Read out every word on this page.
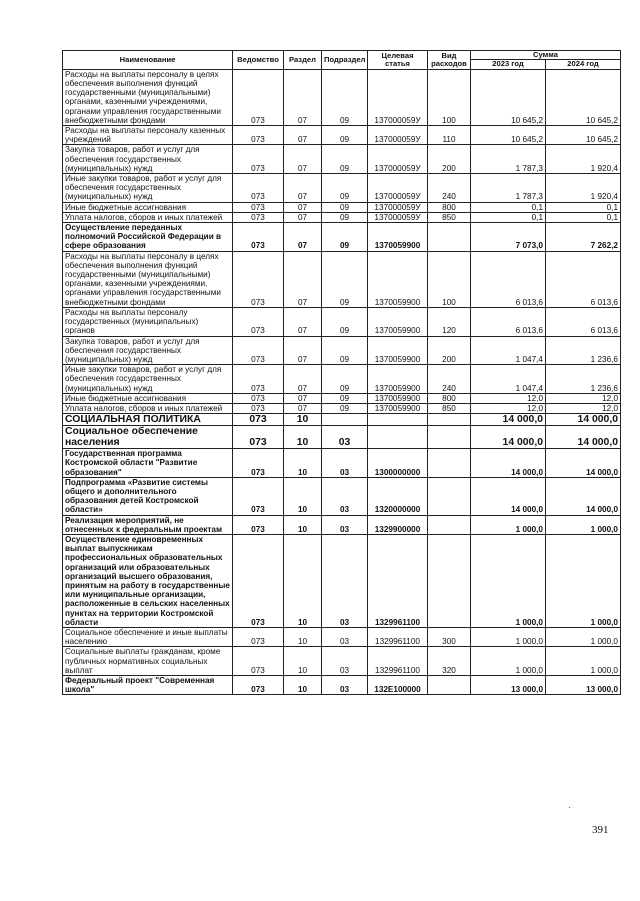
Наименование	Ведомство	Раздел	Подраздел	Целевая статья	Вид расходов	Сумма	
						2023 год	2024 год
Расходы на выплаты персоналу в целях обеспечения выполнения функций государственными (муниципальными) органами, казенными учреждениями, органами управления государственными внебюджетными фондами	073	07	09	137000059У	100	10 645,2	10 645,2
Расходы на выплаты персоналу казенных учреждений	073	07	09	137000059У	110	10 645,2	10 645,2
Закупка товаров, работ и услуг для обеспечения государственных (муниципальных) нужд	073	07	09	137000059У	200	1 787,3	1 920,4
Иные закупки товаров, работ и услуг для обеспечения государственных (муниципальных) нужд	073	07	09	137000059У	240	1 787,3	1 920,4
Иные бюджетные ассигнования	073	07	09	137000059У	800	0,1	0,1
Уплата налогов, сборов и иных платежей	073	07	09	137000059У	850	0,1	0,1
Осуществление переданных полномочий Российской Федерации в сфере образования	073	07	09	1370059900		7 073,0	7 262,2
Расходы на выплаты персоналу в целях обеспечения выполнения функций государственными (муниципальными) органами, казенными учреждениями, органами управления государственными внебюджетными фондами	073	07	09	1370059900	100	6 013,6	6 013,6
Расходы на выплаты персоналу государственных (муниципальных) органов	073	07	09	1370059900	120	6 013,6	6 013,6
Закупка товаров, работ и услуг для обеспечения государственных (муниципальных) нужд	073	07	09	1370059900	200	1 047,4	1 236,6
Иные закупки товаров, работ и услуг для обеспечения государственных (муниципальных) нужд	073	07	09	1370059900	240	1 047,4	1 236,6
Иные бюджетные ассигнования	073	07	09	1370059900	800	12,0	12,0
Уплата налогов, сборов и иных платежей	073	07	09	1370059900	850	12,0	12,0
СОЦИАЛЬНАЯ ПОЛИТИКА	073	10				14 000,0	14 000,0
Социальное обеспечение населения	073	10	03			14 000,0	14 000,0
Государственная программа Костромской области "Развитие образования"	073	10	03	1300000000		14 000,0	14 000,0
Подпрограмма «Развитие системы общего и дополнительного образования детей Костромской области»	073	10	03	1320000000		14 000,0	14 000,0
Реализация мероприятий, не отнесенных к федеральным проектам	073	10	03	1329900000		1 000,0	1 000,0
Осуществление единовременных выплат выпускникам профессиональных образовательных организаций или образовательных организаций высшего образования, принятым на работу в государственные или муниципальные организации, расположенные в сельских населенных пунктах на территории Костромской области	073	10	03	1329961100		1 000,0	1 000,0
Социальное обеспечение и иные выплаты населению	073	10	03	1329961100	300	1 000,0	1 000,0
Социальные выплаты гражданам, кроме публичных нормативных социальных выплат	073	10	03	1329961100	320	1 000,0	1 000,0
Федеральный проект "Современная школа"	073	10	03	132E100000		13 000,0	13 000,0
·
391
